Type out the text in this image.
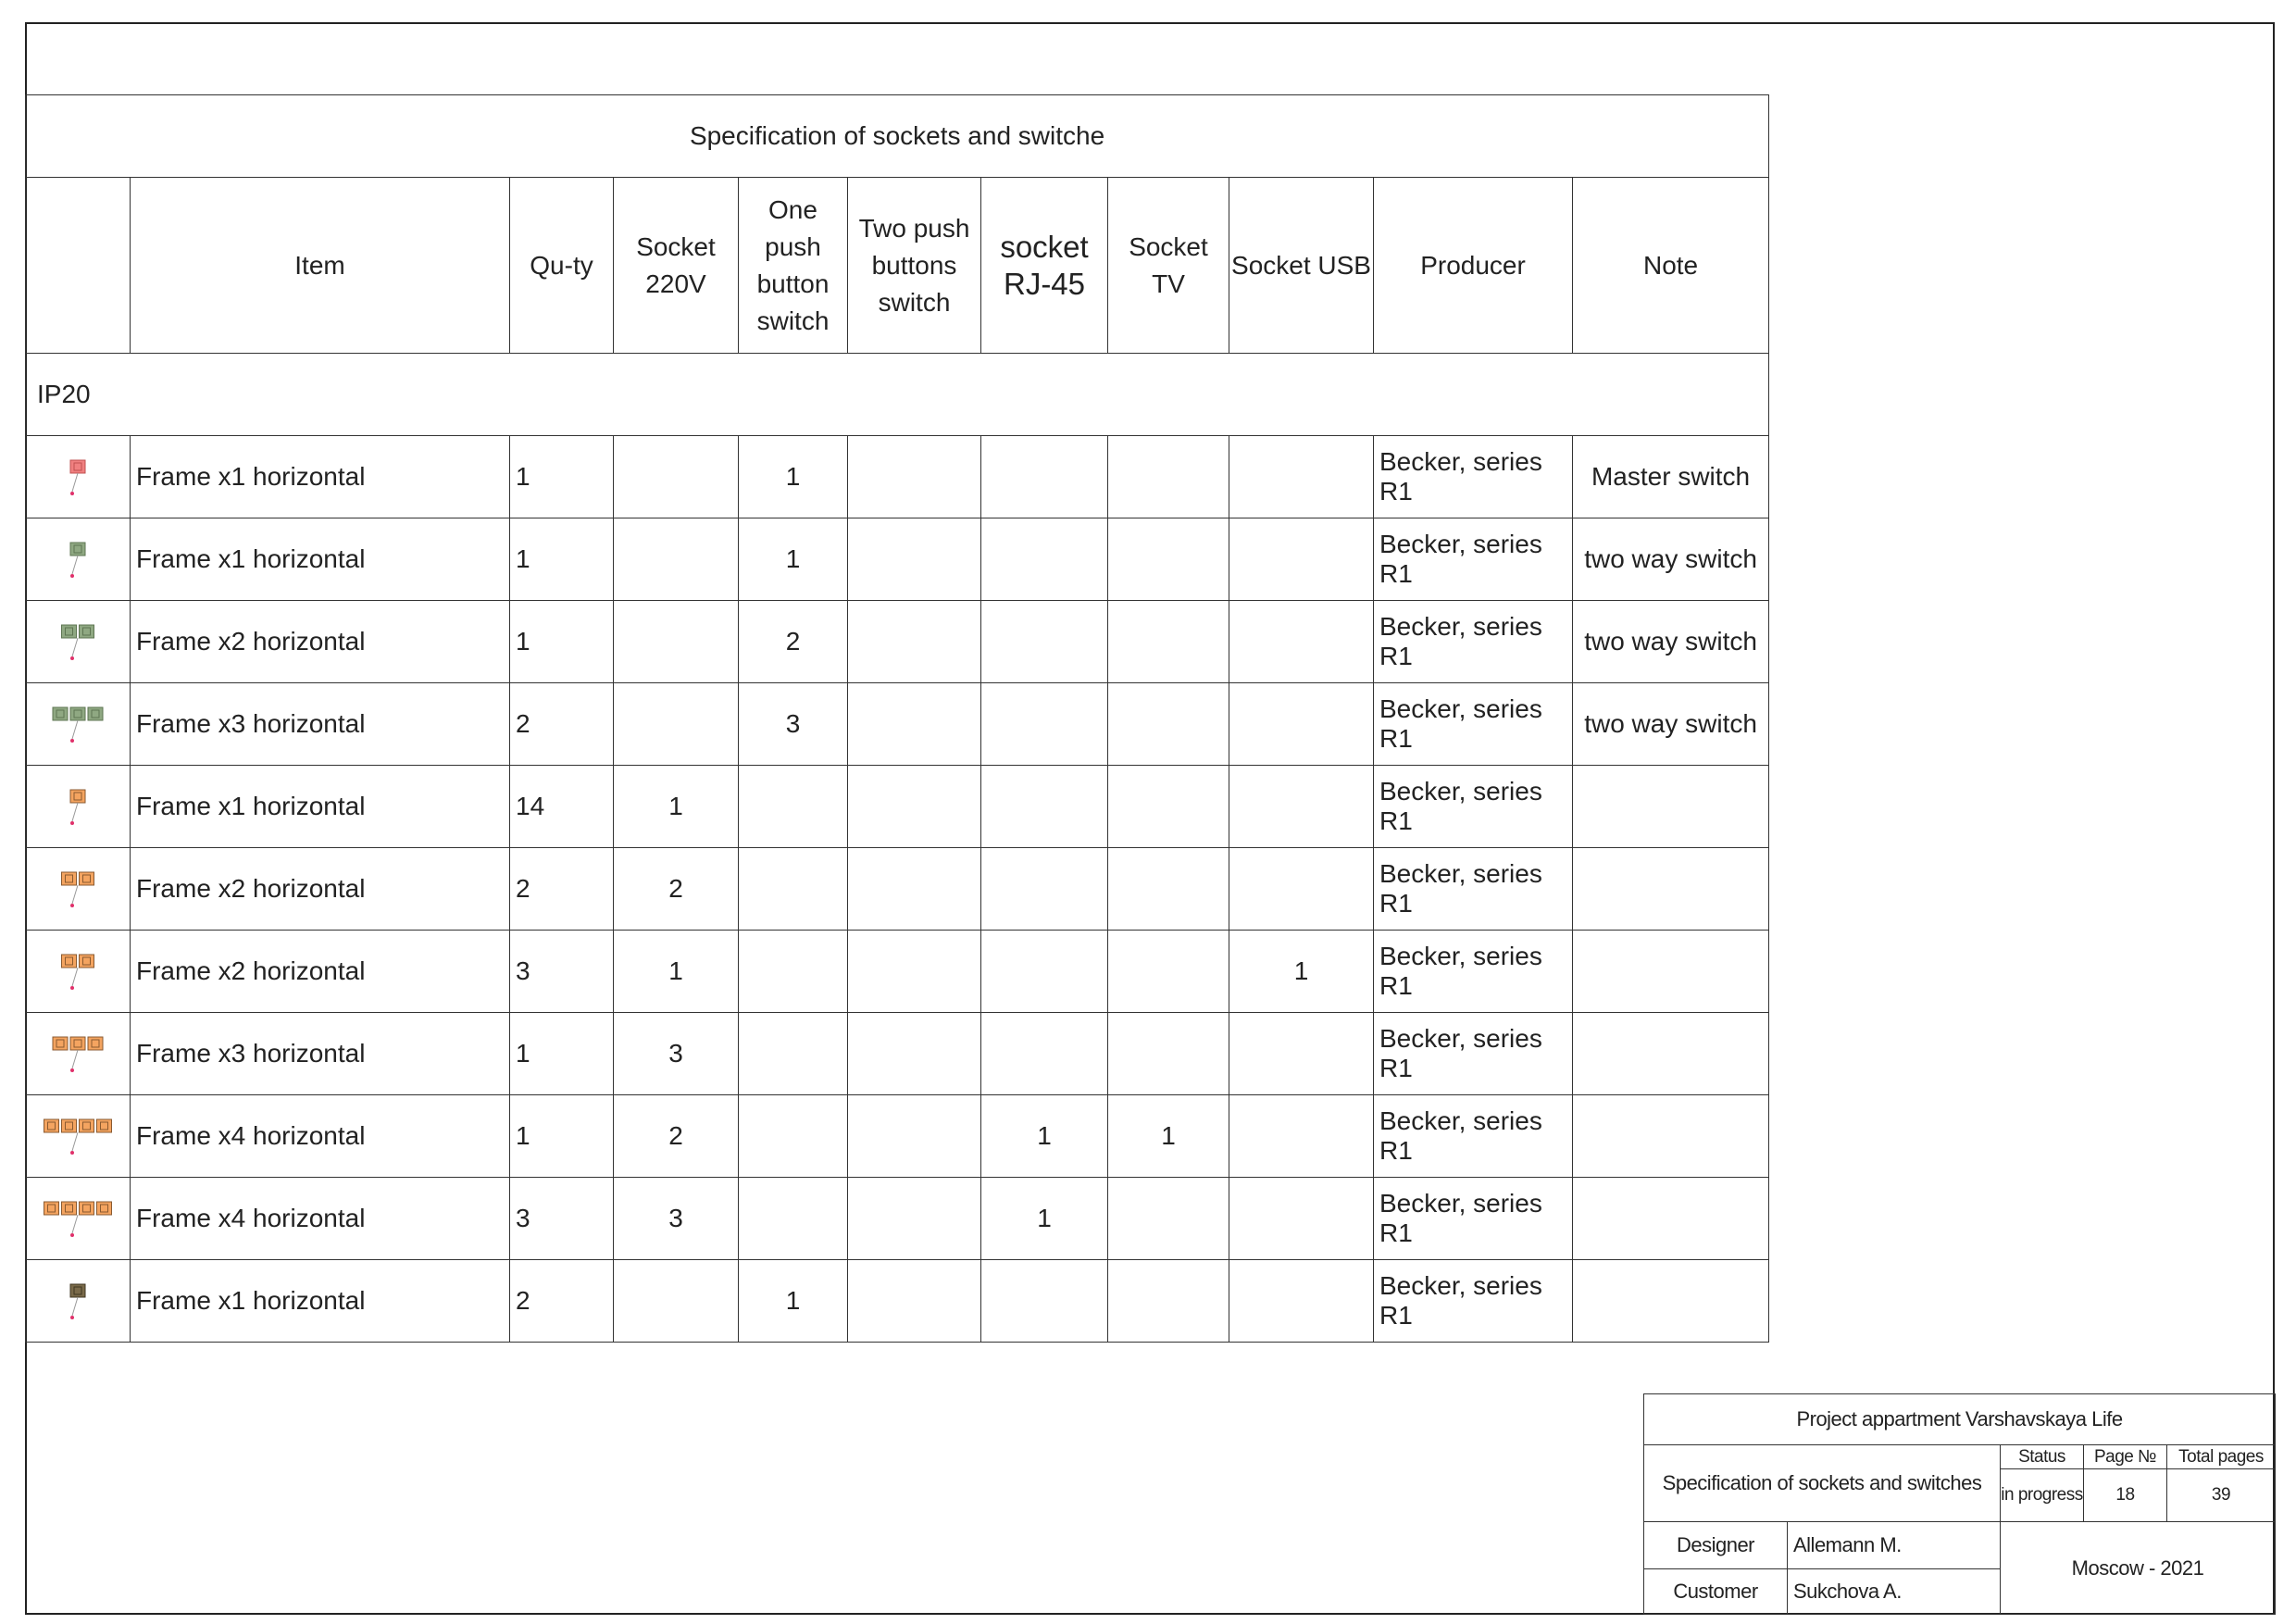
Specification of sockets and switche										
	Item	Qu-ty	Socket
220V	One
push
button
switch	Two push
buttons
switch	socket
RJ-45	Socket
TV	Socket USB	Producer	Note
IP20										

	Frame x1 horizontal	1		1					Becker, series R1	Master switch

	Frame x1 horizontal	1		1					Becker, series R1	two way switch

	Frame x2 horizontal	1		2					Becker, series R1	two way switch

	Frame x3 horizontal	2		3					Becker, series R1	two way switch

	Frame x1 horizontal	14	1						Becker, series R1	

	Frame x2 horizontal	2	2						Becker, series R1	

	Frame x2 horizontal	3	1					1	Becker, series R1	

	Frame x3 horizontal	1	3						Becker, series R1	

	Frame x4 horizontal	1	2			1	1		Becker, series R1	

	Frame x4 horizontal	3	3			1			Becker, series R1	

	Frame x1 horizontal	2		1					Becker, series R1	
Project appartment Varshavskaya Life				
Specification of sockets and switches		Status	Page №	Total pages
		in progress	18	39
Designer	Allemann M.	Moscow - 2021		
Customer	Sukchova A.			
